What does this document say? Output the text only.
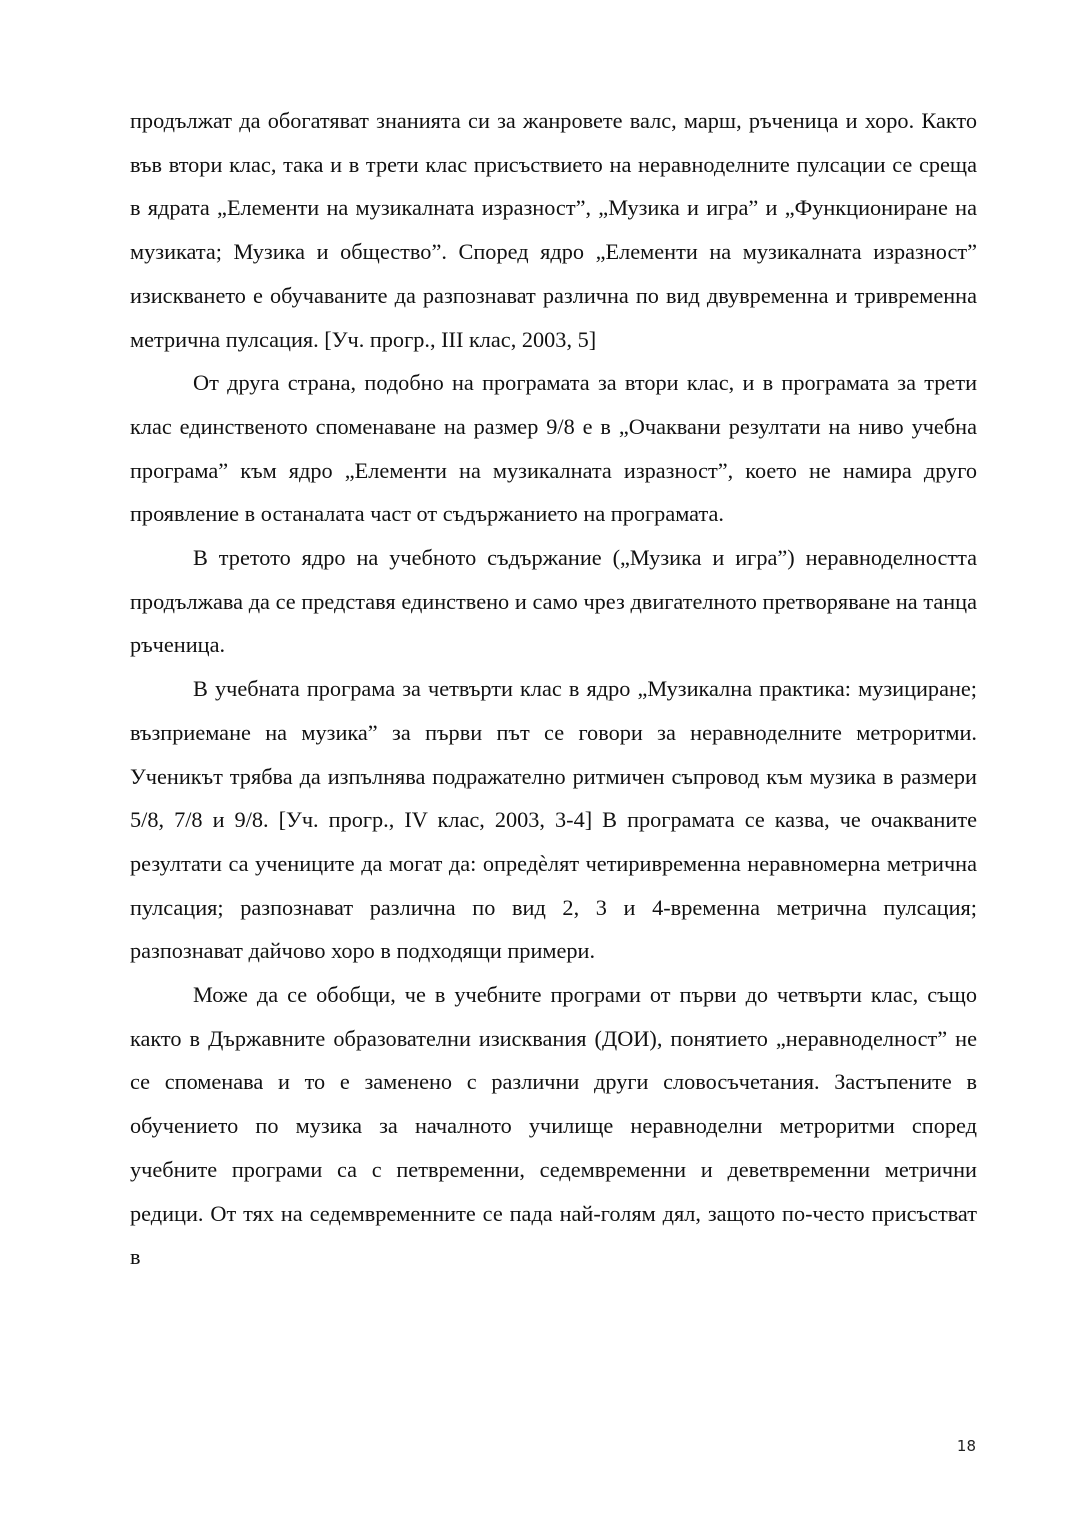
продължат да обогатяват знанията си за жанровете валс, марш, ръченица и хоро. Както във втори клас, така и в трети клас присъствието на неравноделните пулсации се среща в ядрата „Елементи на музикалната изразност”, „Музика и игра” и „Функциониране на музиката; Музика и общество”. Според ядро „Елементи на музикалната изразност” изискването е обучаваните да разпознават различна по вид двувременна и тривременна метрична пулсация. [Уч. прогр., III клас, 2003, 5]

От друга страна, подобно на програмата за втори клас, и в програмата за трети клас единственото споменаване на размер 9/8 е в „Очаквани резултати на ниво учебна програма” към ядро „Елементи на музикалната изразност”, което не намира друго проявление в останалата част от съдържанието на програмата.

В третото ядро на учебното съдържание („Музика и игра”) неравноделността продължава да се представя единствено и само чрез двигателното претворяване на танца ръченица.

В учебната програма за четвърти клас в ядро „Музикална практика: музициране; възприемане на музика” за първи път се говори за неравноделните метроритми. Ученикът трябва да изпълнява подражателно ритмичен съпровод към музика в размери 5/8, 7/8 и 9/8. [Уч. прогр., IV клас, 2003, 3-4] В програмата се казва, че очакваните резултати са учениците да могат да: опредѐлят четиривременна неравномерна метрична пулсация; разпознават различна по вид 2, 3 и 4-временна метрична пулсация; разпознават дайчово хоро в подходящи примери.

Може да се обобщи, че в учебните програми от първи до четвърти клас, също както в Държавните образователни изисквания (ДОИ), понятието „неравноделност” не се споменава и то е заменено с различни други словосъчетания. Застъпените в обучението по музика за началното училище неравноделни метроритми според учебните програми са с петвременни, седемвременни и деветвременни метрични редици. От тях на седемвременните се пада най-голям дял, защото по-често присъстват в

18
